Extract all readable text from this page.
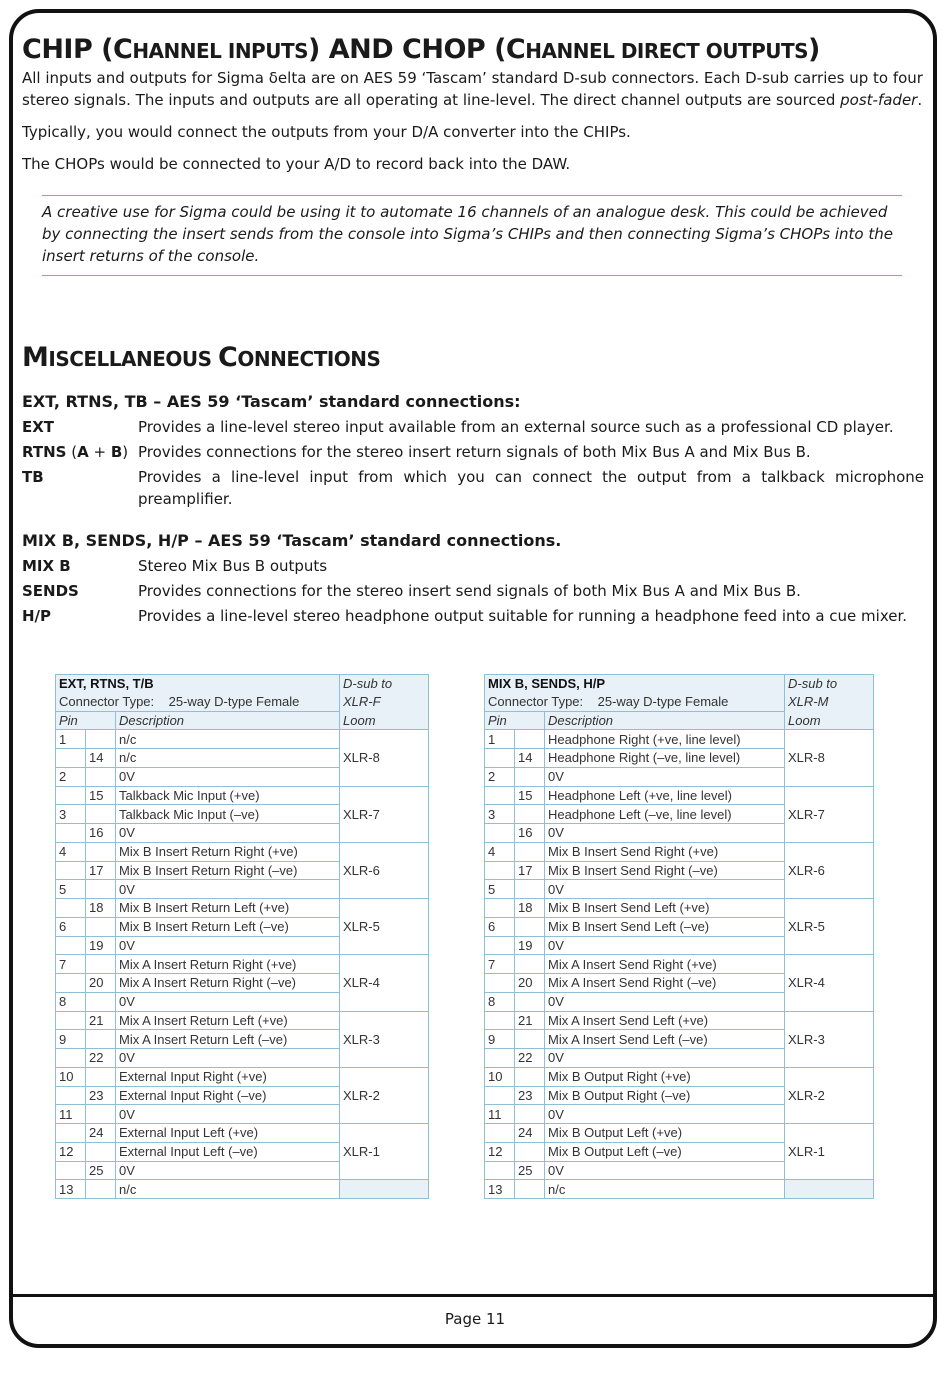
CHIP (CHANNEL INPUTS) AND CHOP (CHANNEL DIRECT OUTPUTS)

All inputs and outputs for Sigma δelta are on AES 59 ‘Tascam’ standard D-sub connectors. Each D-sub carries up to four stereo signals. The inputs and outputs are all operating at line-level. The direct channel outputs are sourced post-fader.

Typically, you would connect the outputs from your D/A converter into the CHIPs.

The CHOPs would be connected to your A/D to record back into the DAW.

A creative use for Sigma could be using it to automate 16 channels of an analogue desk. This could be achieved by connecting the insert sends from the console into Sigma’s CHIPs and then connecting Sigma’s CHOPs into the insert returns of the console.
MISCELLANEOUS CONNECTIONS
EXT, RTNS, TB – AES 59 ‘Tascam’ standard connections:
EXT	Provides a line-level stereo input available from an external source such as a professional CD player.
RTNS (A + B) Provides connections for the stereo insert return signals of both Mix Bus A and Mix Bus B.
TB	Provides a line-level input from which you can connect the output from a talkback microphone preamplifier.
MIX B, SENDS, H/P – AES 59 ‘Tascam’ standard connections.
MIX B	Stereo Mix Bus B outputs
SENDS	Provides connections for the stereo insert send signals of both Mix Bus A and Mix Bus B.
H/P	Provides a line-level stereo headphone output suitable for running a headphone feed into a cue mixer.
EXT, RTNS, T/B			D-sub to
Connector Type: 25-way D-type Female			XLR-F
Pin		Description	Loom
1		n/c	XLR-8
	14	n/c	
2		0V	
	15	Talkback Mic Input (+ve)	XLR-7
3		Talkback Mic Input (–ve)	
	16	0V	
4		Mix B Insert Return Right (+ve)	XLR-6
	17	Mix B Insert Return Right (–ve)	
5		0V	
	18	Mix B Insert Return Left (+ve)	XLR-5
6		Mix B Insert Return Left (–ve)	
	19	0V	
7		Mix A Insert Return Right (+ve)	XLR-4
	20	Mix A Insert Return Right (–ve)	
8		0V	
	21	Mix A Insert Return Left (+ve)	XLR-3
9		Mix A Insert Return Left (–ve)	
	22	0V	
10		External Input Right (+ve)	XLR-2
	23	External Input Right (–ve)	
11		0V	
	24	External Input Left (+ve)	XLR-1
12		External Input Left (–ve)	
	25	0V	
13		n/c	
MIX B, SENDS, H/P			D-sub to
Connector Type: 25-way D-type Female			XLR-M
Pin		Description	Loom
1		Headphone Right (+ve, line level)	XLR-8
	14	Headphone Right (–ve, line level)	
2		0V	
	15	Headphone Left (+ve, line level)	XLR-7
3		Headphone Left (–ve, line level)	
	16	0V	
4		Mix B Insert Send Right (+ve)	XLR-6
	17	Mix B Insert Send Right (–ve)	
5		0V	
	18	Mix B Insert Send Left (+ve)	XLR-5
6		Mix B Insert Send Left (–ve)	
	19	0V	
7		Mix A Insert Send Right (+ve)	XLR-4
	20	Mix A Insert Send Right (–ve)	
8		0V	
	21	Mix A Insert Send Left (+ve)	XLR-3
9		Mix A Insert Send Left (–ve)	
	22	0V	
10		Mix B Output Right (+ve)	XLR-2
	23	Mix B Output Right (–ve)	
11		0V	
	24	Mix B Output Left (+ve)	XLR-1
12		Mix B Output Left (–ve)	
	25	0V	
13		n/c	
Page 11
